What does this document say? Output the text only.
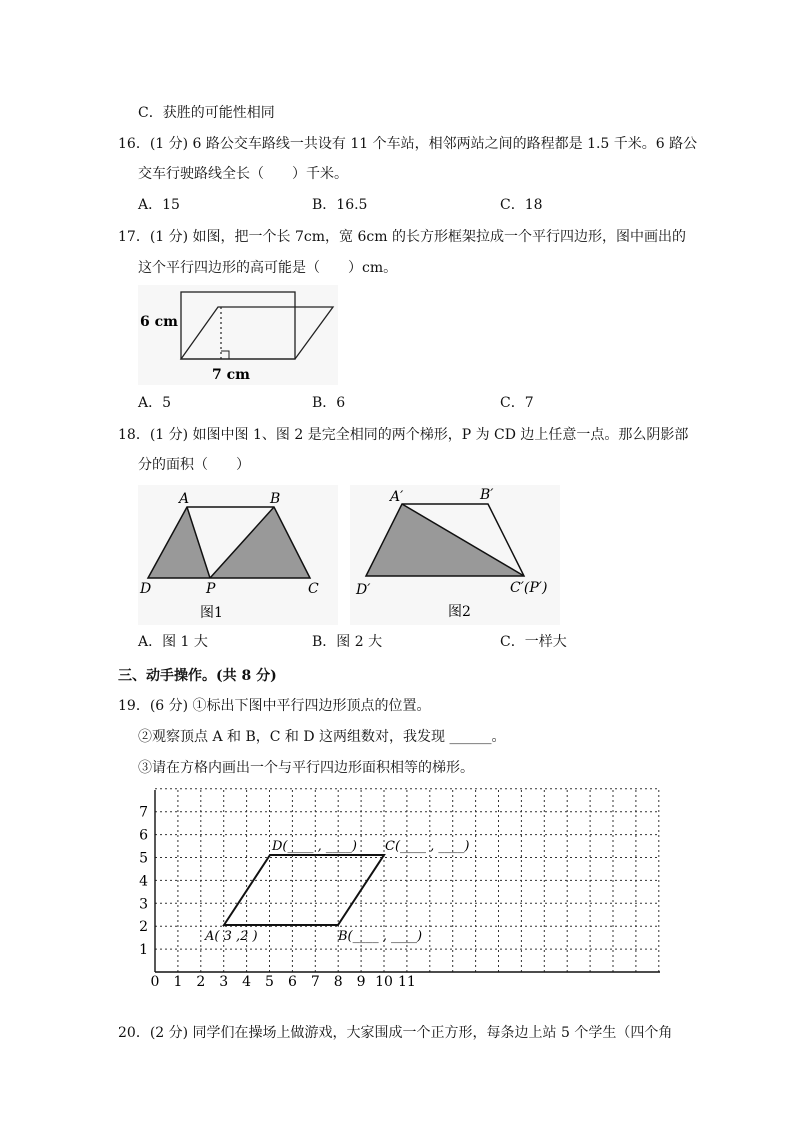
C．获胜的可能性相同
16．(1 分) 6 路公交车路线一共设有 11 个车站，相邻两站之间的路程都是 1.5 千米。6 路公
交车行驶路线全长（　　）千米。
A．15	B．16.5	C．18
17．(1 分) 如图，把一个长 7cm，宽 6cm 的长方形框架拉成一个平行四边形，图中画出的
这个平行四边形的高可能是（　　）cm。
6 cm
7 cm
A．5	B．6	C．7
18．(1 分) 如图中图 1、图 2 是完全相同的两个梯形，P 为 CD 边上任意一点。那么阴影部
分的面积（　　）
A	B
D	P	C
图1
A′	B′
D′	C′(P′)
图2
A．图 1 大	B．图 2 大	C．一样大
三、动手操作。(共 8 分)
19．(6 分) ①标出下图中平行四边形顶点的位置。
②观察顶点 A 和 B，C 和 D 这两组数对，我发现 ______。
③请在方格内画出一个与平行四边形面积相等的梯形。
0 1 2 3 4 5 6 7 8 9 10 11
1
2
3
4
5
6
7
A( 3 ,2 )	B(____ , ____)
C(____ , ____)
D(____ , ____)
20．(2 分) 同学们在操场上做游戏，大家围成一个正方形，每条边上站 5 个学生（四个角
